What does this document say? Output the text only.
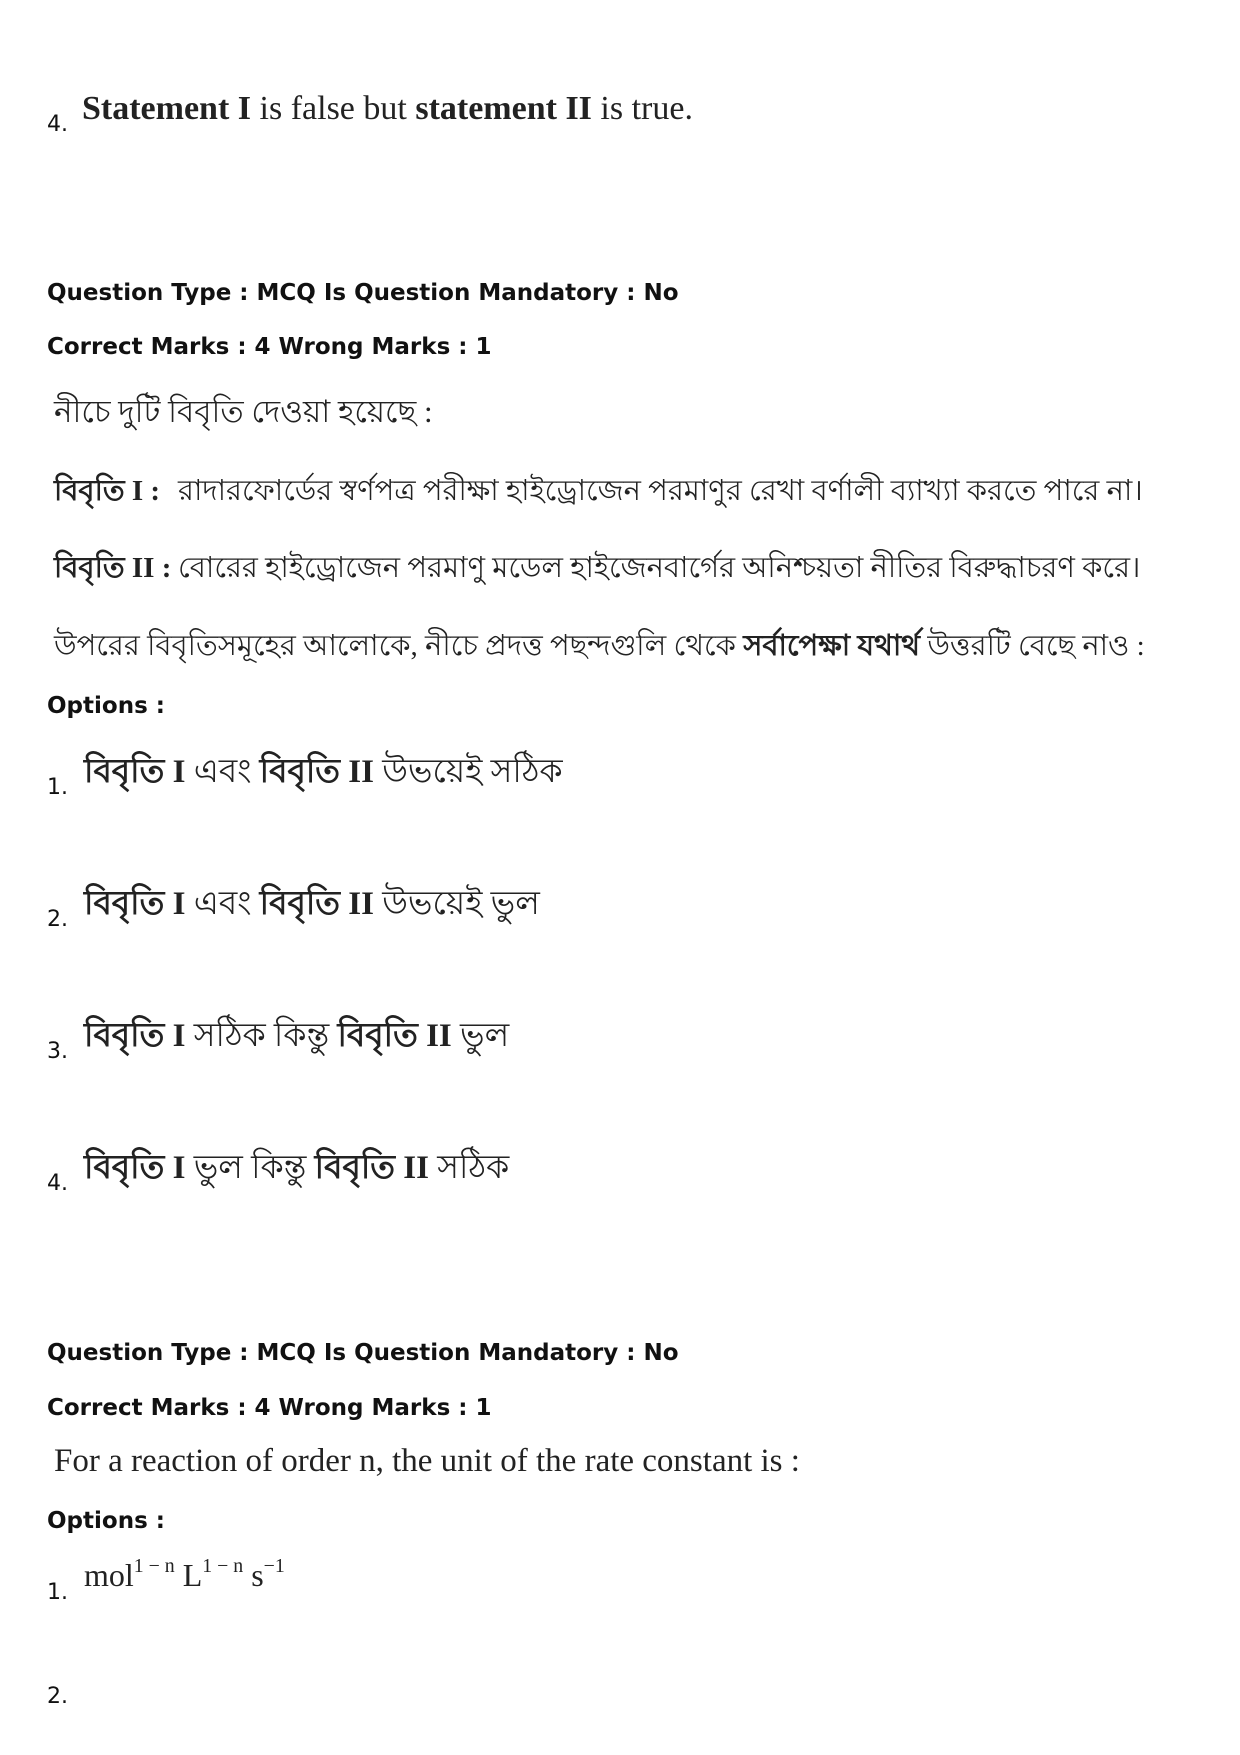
4. Statement I is false but statement II is true.
Question Type : MCQ Is Question Mandatory : No
Correct Marks : 4 Wrong Marks : 1
নীচে দুটি বিবৃতি দেওয়া হয়েছে :
বিবৃতি I : রাদারফোর্ডের স্বর্ণপত্র পরীক্ষা হাইড্রোজেন পরমাণুর রেখা বর্ণালী ব্যাখ্যা করতে পারে না।
বিবৃতি II : বোরের হাইড্রোজেন পরমাণু মডেল হাইজেনবার্গের অনিশ্চয়তা নীতির বিরুদ্ধাচরণ করে।
উপরের বিবৃতিসমূহের আলোকে, নীচে প্রদত্ত পছন্দগুলি থেকে সর্বাপেক্ষা যথার্থ উত্তরটি বেছে নাও :
Options :
1. বিবৃতি I এবং বিবৃতি II উভয়েই সঠিক
2. বিবৃতি I এবং বিবৃতি II উভয়েই ভুল
3. বিবৃতি I সঠিক কিন্তু বিবৃতি II ভুল
4. বিবৃতি I ভুল কিন্তু বিবৃতি II সঠিক
Question Type : MCQ Is Question Mandatory : No
Correct Marks : 4 Wrong Marks : 1
For a reaction of order n, the unit of the rate constant is :
Options :
1. mol$^{1 - n}$ $L^{1 - n}$ $s^{-1}$
2.
